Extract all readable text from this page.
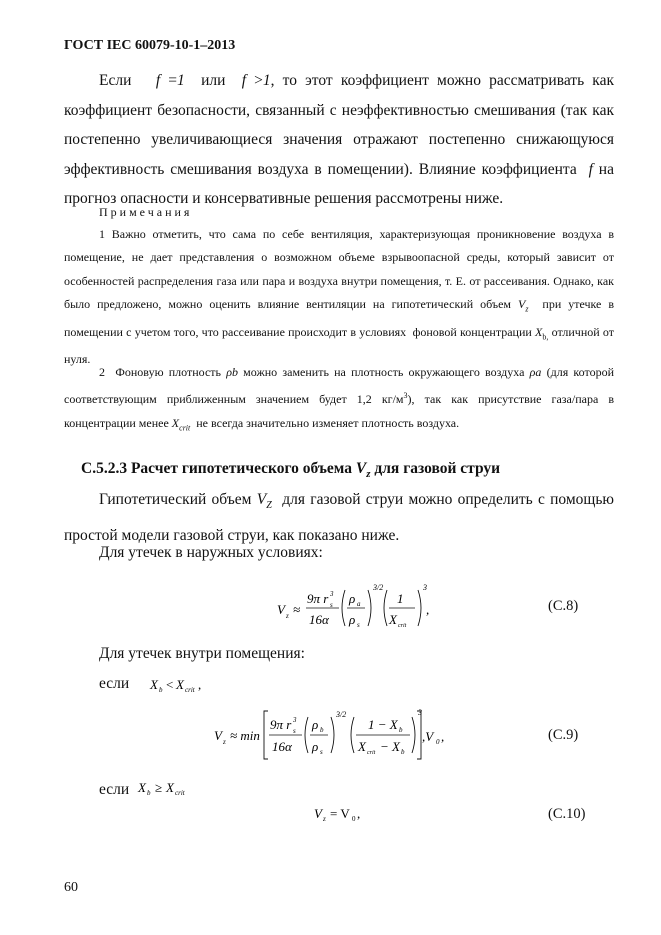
ГОСТ IEC 60079-10-1–2013
Если   f =1  или  f >1, то этот коэффициент можно рассматривать как коэффициент безопасности, связанный с неэффективностью смешивания (так как постепенно увеличивающиеся значения отражают постепенно снижающуюся эффективность смешивания воздуха в помещении). Влияние коэффициента  f на прогноз опасности и консервативные решения рассмотрены ниже.
Примечания
1 Важно отметить, что сама по себе вентиляция, характеризующая проникновение воздуха в помещение, не дает представления о возможном объеме взрывоопасной среды, который зависит от особенностей распределения газа или пара и воздуха внутри помещения, т. Е. от рассеивания. Однако, как было предложено, можно оценить влияние вентиляции на гипотетический объем $V_z$  при утечке в помещении с учетом того, что рассеивание происходит в условиях  фоновой концентрации $X_{b,}$ отличной от нуля.
2  Фоновую плотность ρb можно заменить на плотность окружающего воздуха ρa (для которой соответствующим приближенным значением будет 1,2 $кг/м^3$), так как присутствие газа/пара в концентрации менее $X_{crit}$  не всегда значительно изменяет плотность воздуха.
С.5.2.3 Расчет гипотетического объема $V_z$ для газовой струи
Гипотетический объем $V_Z$  для газовой струи можно определить с помощью простой модели газовой струи, как показано ниже.
Для утечек в наружных условиях:
V z ≈
9π r 3
s
16α
ρ a
ρ s
3/2
1
X crit
3
,	(С.8)
Для утечек внутри помещения:
если X b < X crit ,
V z ≈ min
9π r 3
s
16α
ρ b
ρ s
3/2
1 − X b
X crit − X b
3
,V 0 ,	(С.9)
если X b ≥ X crit
V z = V 0 ,	(С.10)
60
